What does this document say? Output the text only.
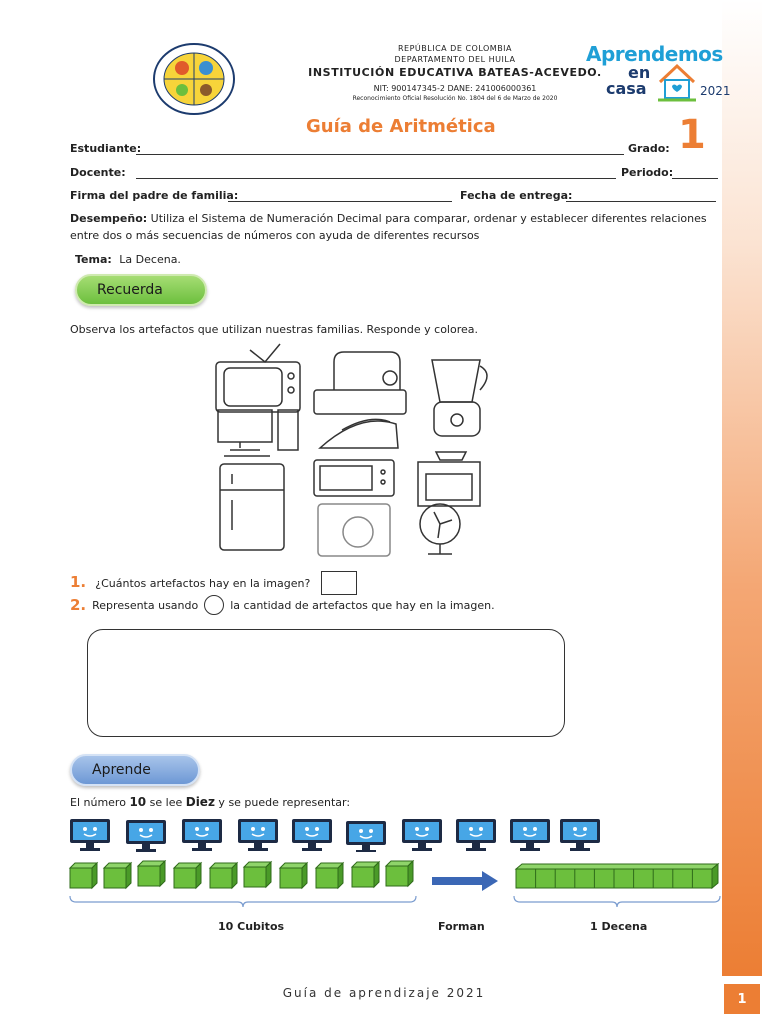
1
REPÚBLICA DE COLOMBIA
DEPARTAMENTO DEL HUILA
INSTITUCIÓN EDUCATIVA BATEAS-ACEVEDO.
NIT: 900147345-2 DANE: 241006000361
Reconocimiento Oficial Resolución No. 1804 del 6 de Marzo de 2020
Aprendemos
en
casa	2021
Guía de Aritmética	1
Estudiante:	Grado:
Docente:	Periodo:
Firma del padre de familia:	Fecha de entrega:
Desempeño: Utiliza el Sistema de Numeración Decimal para comparar, ordenar y establecer diferentes relaciones entre dos o más secuencias de números con ayuda de diferentes recursos
Tema: La Decena.
Recuerda
Observa los artefactos que utilizan nuestras familias. Responde y colorea.
1. ¿Cuántos artefactos hay en la imagen?
2. Representa usando	la cantidad de artefactos que hay en la imagen.
Aprende
El número 10 se lee Diez y se puede representar:
10 Cubitos	Forman	1 Decena
Guía de aprendizaje 2021
